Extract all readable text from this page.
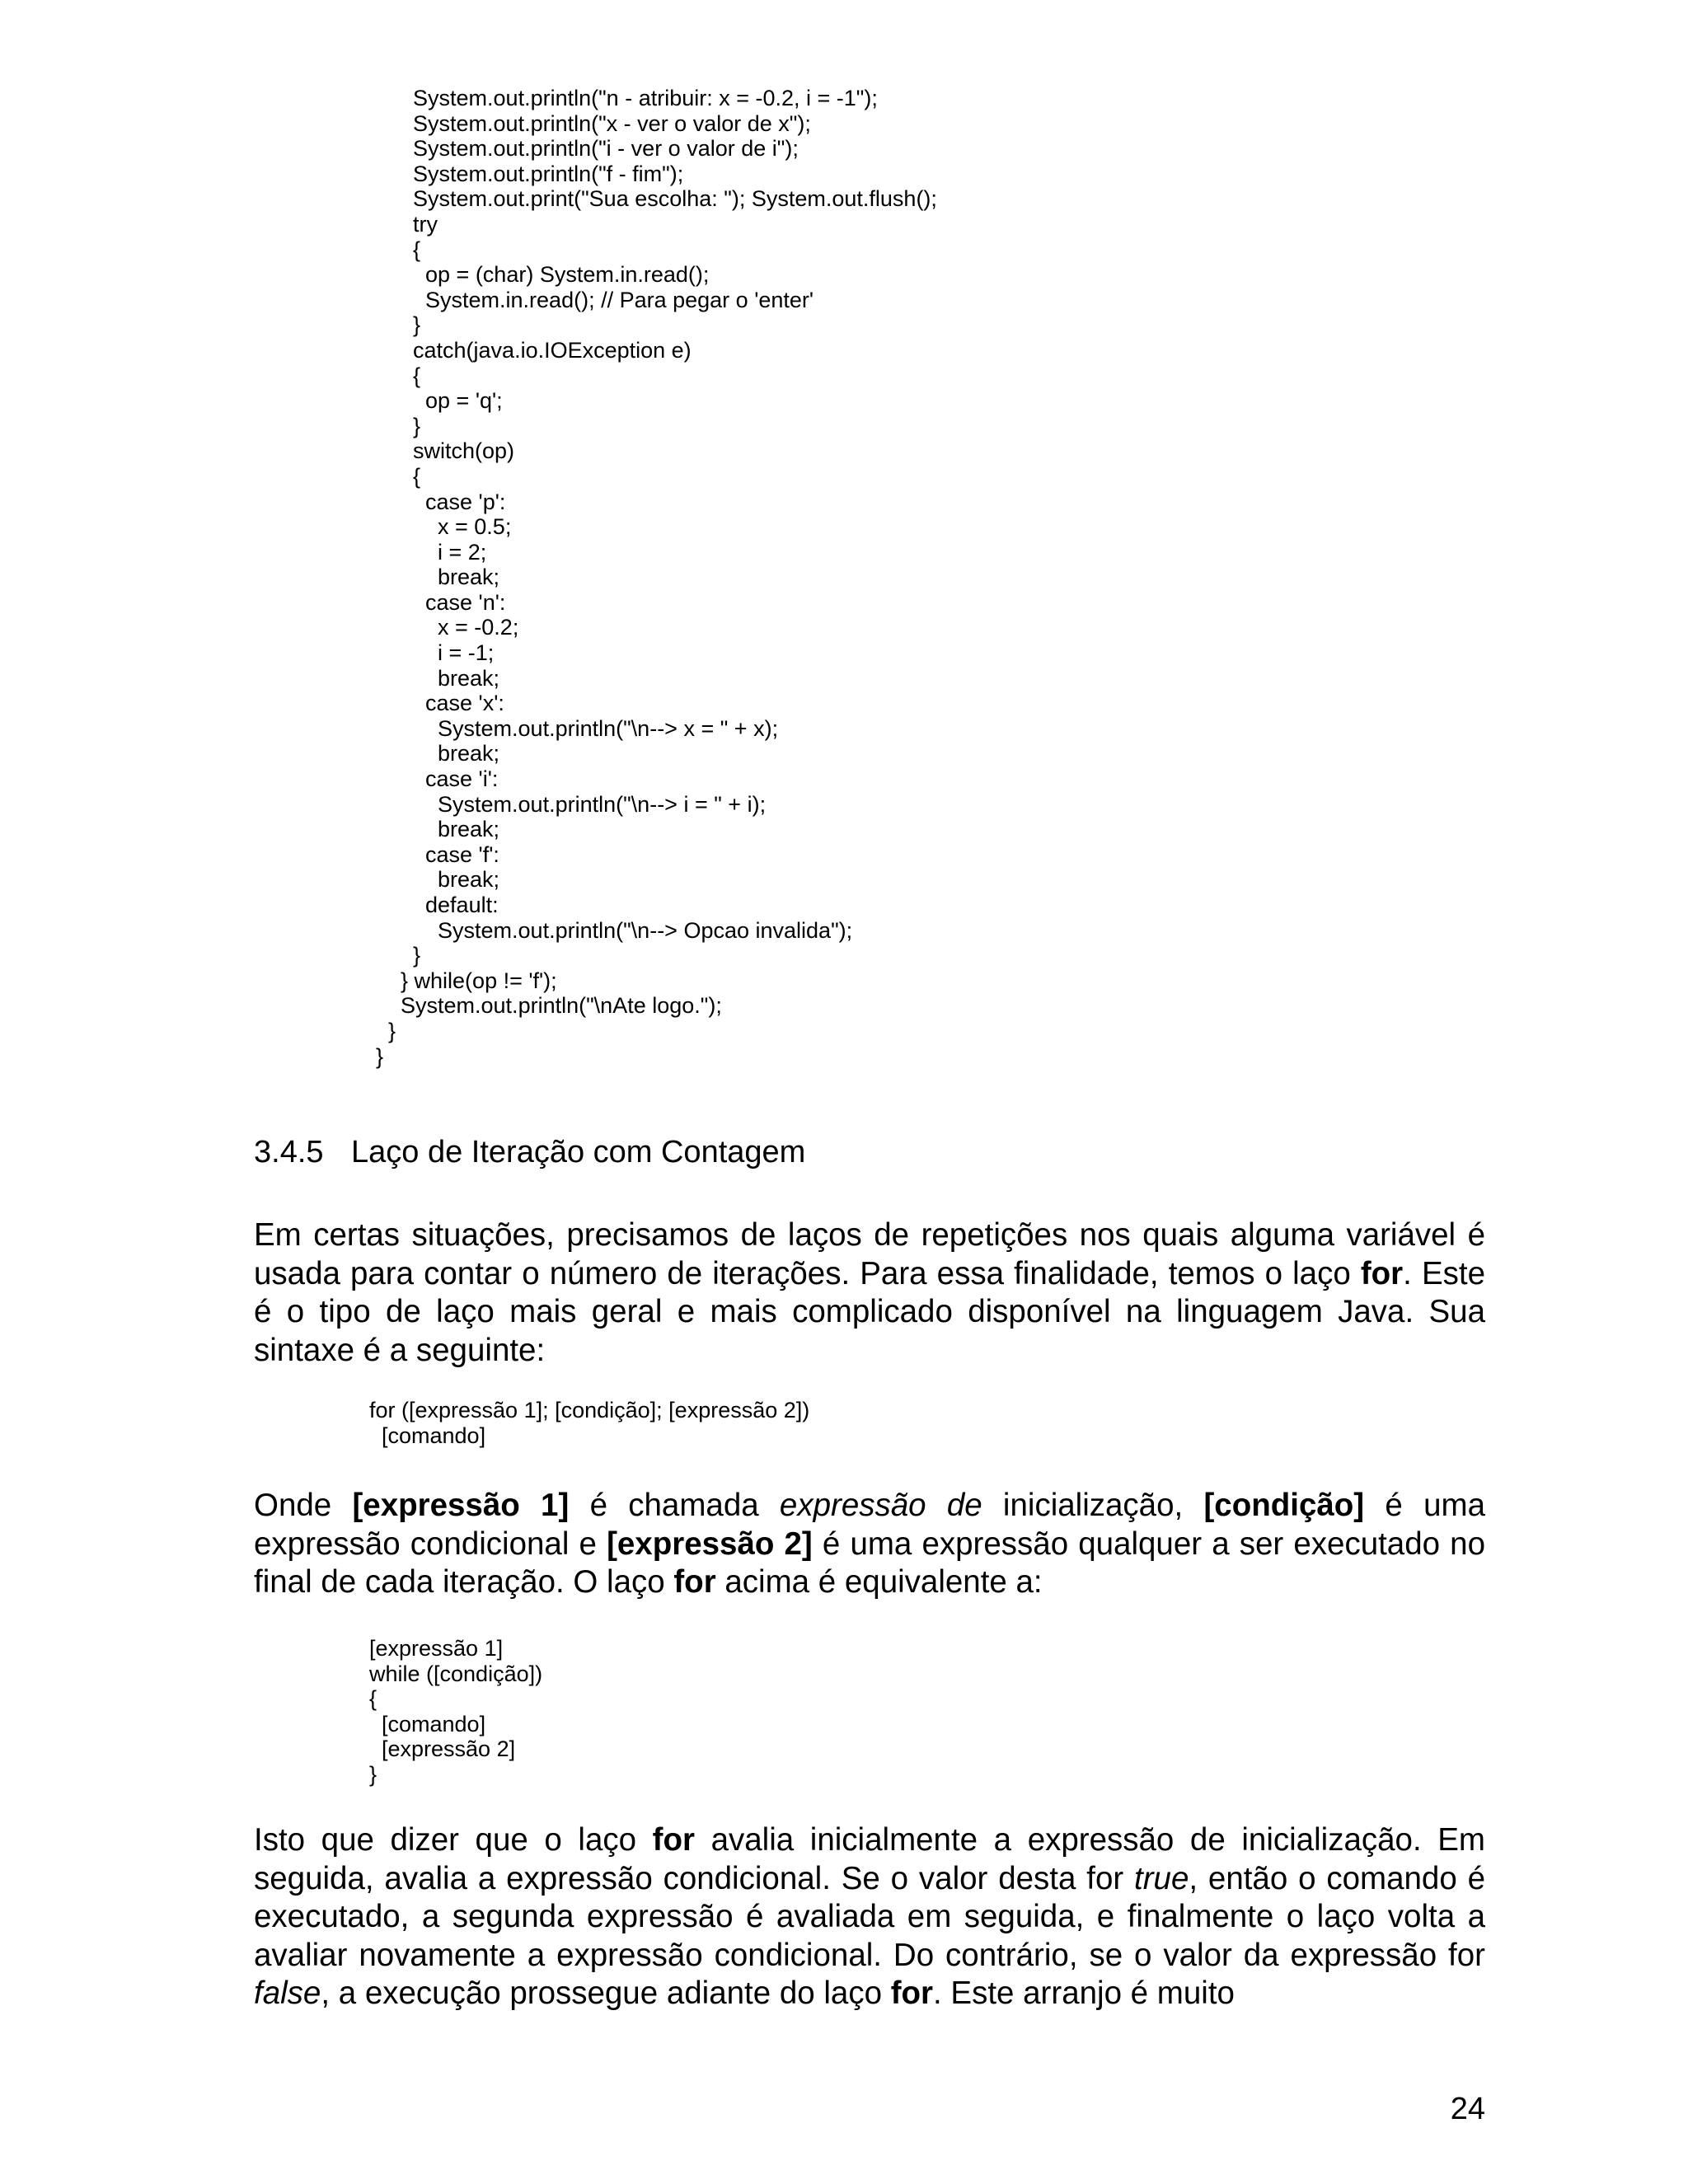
System.out.println("n - atribuir: x = -0.2, i = -1");
System.out.println("x - ver o valor de x");
System.out.println("i - ver o valor de i");
System.out.println("f - fim");
System.out.print("Sua escolha: "); System.out.flush();
try
{
op = (char) System.in.read();
System.in.read(); // Para pegar o 'enter'
}
catch(java.io.IOException e)
{
op = 'q';
}
switch(op)
{
case 'p':
x = 0.5;
i = 2;
break;
case 'n':
x = -0.2;
i = -1;
break;
case 'x':
System.out.println("\n--> x = " + x);
break;
case 'i':
System.out.println("\n--> i = " + i);
break;
case 'f':
break;
default:
System.out.println("\n--> Opcao invalida");
}
} while(op != 'f');
System.out.println("\nAte logo.");
}
}
3.4.5 Laço de Iteração com Contagem

Em certas situações, precisamos de laços de repetições nos quais alguma variável é usada para contar o número de iterações. Para essa finalidade, temos o laço for. Este é o tipo de laço mais geral e mais complicado disponível na linguagem Java. Sua sintaxe é a seguinte:

for ([expressão 1]; [condição]; [expressão 2])
[comando]

Onde [expressão 1] é chamada expressão de inicialização, [condição] é uma expressão condicional e [expressão 2] é uma expressão qualquer a ser executado no final de cada iteração. O laço for acima é equivalente a:

[expressão 1]
while ([condição])
{
[comando]
[expressão 2]
}

Isto que dizer que o laço for avalia inicialmente a expressão de inicialização. Em seguida, avalia a expressão condicional. Se o valor desta for true, então o comando é executado, a segunda expressão é avaliada em seguida, e finalmente o laço volta a avaliar novamente a expressão condicional. Do contrário, se o valor da expressão for false, a execução prossegue adiante do laço for. Este arranjo é muito

24
